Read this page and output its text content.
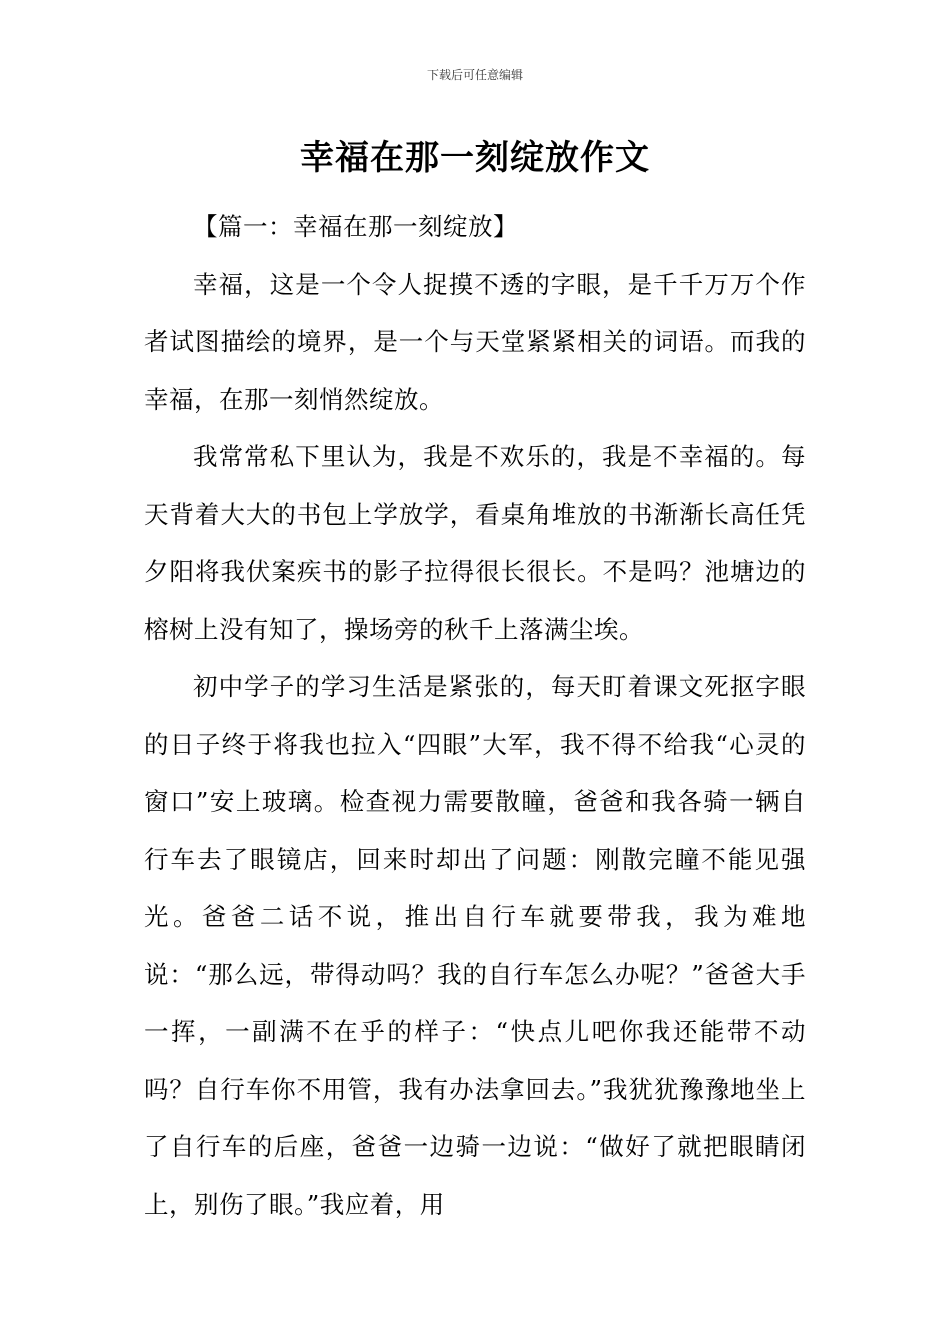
下载后可任意编辑
幸福在那一刻绽放作文

【篇一：幸福在那一刻绽放】

幸福，这是一个令人捉摸不透的字眼，是千千万万个作者试图描绘的境界，是一个与天堂紧紧相关的词语。而我的幸福，在那一刻悄然绽放。

我常常私下里认为，我是不欢乐的，我是不幸福的。每天背着大大的书包上学放学，看桌角堆放的书渐渐长高任凭夕阳将我伏案疾书的影子拉得很长很长。不是吗？池塘边的榕树上没有知了，操场旁的秋千上落满尘埃。

初中学子的学习生活是紧张的，每天盯着课文死抠字眼的日子终于将我也拉入“四眼”大军，我不得不给我“心灵的窗口”安上玻璃。检查视力需要散瞳，爸爸和我各骑一辆自行车去了眼镜店，回来时却出了问题：刚散完瞳不能见强光。爸爸二话不说，推出自行车就要带我，我为难地说：“那么远，带得动吗？我的自行车怎么办呢？”爸爸大手一挥，一副满不在乎的样子：“快点儿吧你我还能带不动吗？自行车你不用管，我有办法拿回去。”我犹犹豫豫地坐上了自行车的后座，爸爸一边骑一边说：“做好了就把眼睛闭上，别伤了眼。”我应着，用
